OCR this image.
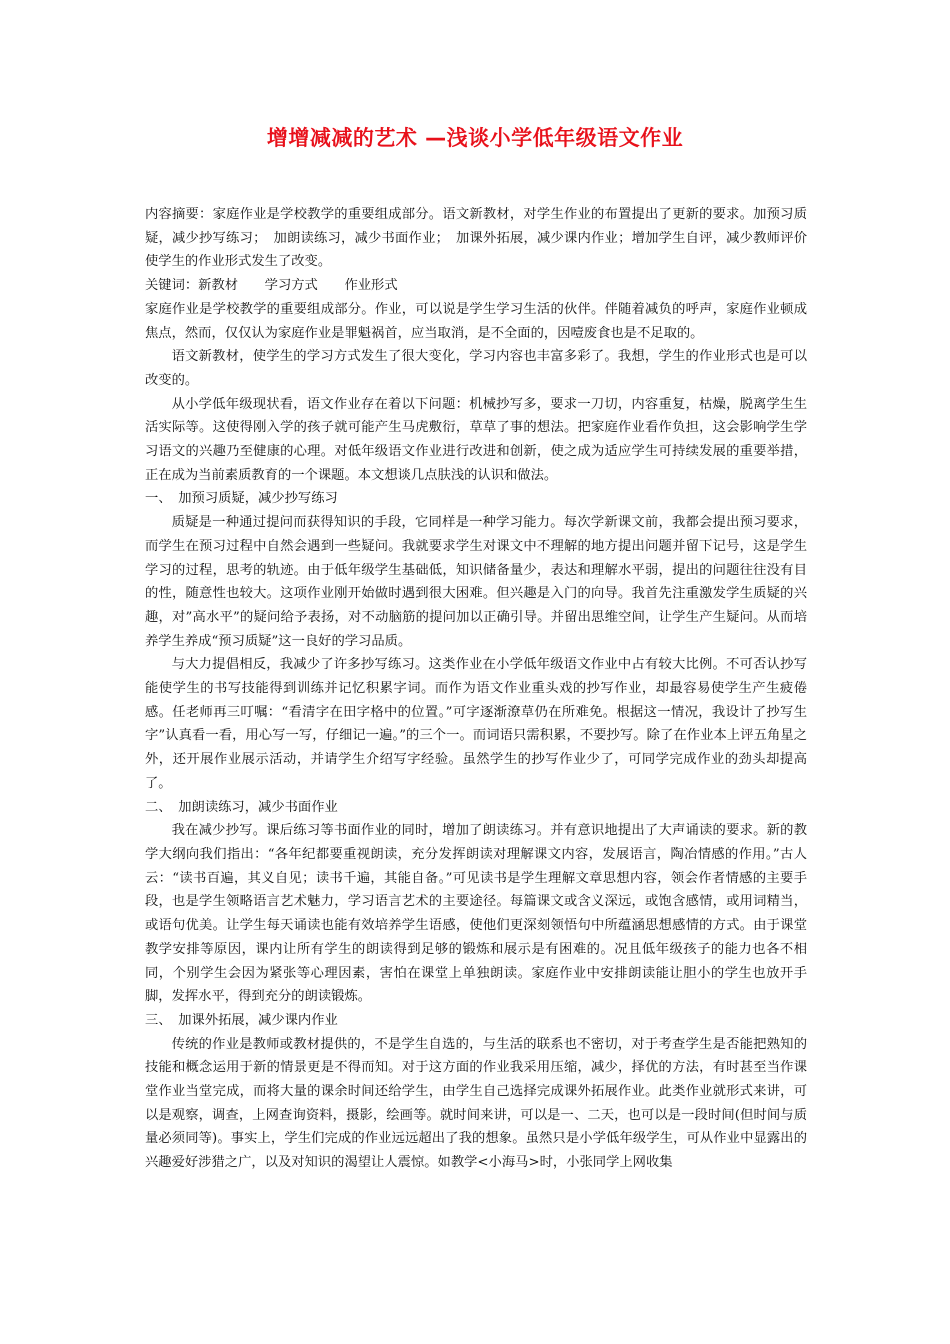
增增减减的艺术 —浅谈小学低年级语文作业

内容摘要：家庭作业是学校教学的重要组成部分。语文新教材，对学生作业的布置提出了更新的要求。加预习质疑，减少抄写练习；　加朗读练习，减少书面作业；　加课外拓展，减少课内作业；增加学生自评，减少教师评价使学生的作业形式发生了改变。

关键词：新教材　　学习方式　　作业形式

家庭作业是学校教学的重要组成部分。作业，可以说是学生学习生活的伙伴。伴随着减负的呼声，家庭作业顿成焦点，然而，仅仅认为家庭作业是罪魁祸首，应当取消，是不全面的，因噎废食也是不足取的。

语文新教材，使学生的学习方式发生了很大变化，学习内容也丰富多彩了。我想，学生的作业形式也是可以改变的。

从小学低年级现状看，语文作业存在着以下问题：机械抄写多，要求一刀切，内容重复，枯燥，脱离学生生活实际等。这使得刚入学的孩子就可能产生马虎敷衍，草草了事的想法。把家庭作业看作负担，这会影响学生学习语文的兴趣乃至健康的心理。对低年级语文作业进行改进和创新，使之成为适应学生可持续发展的重要举措，正在成为当前素质教育的一个课题。本文想谈几点肤浅的认识和做法。

一、　加预习质疑，减少抄写练习

质疑是一种通过提问而获得知识的手段，它同样是一种学习能力。每次学新课文前，我都会提出预习要求，而学生在预习过程中自然会遇到一些疑问。我就要求学生对课文中不理解的地方提出问题并留下记号，这是学生学习的过程，思考的轨迹。由于低年级学生基础低，知识储备量少，表达和理解水平弱，提出的问题往往没有目的性，随意性也较大。这项作业刚开始做时遇到很大困难。但兴趣是入门的向导。我首先注重激发学生质疑的兴趣，对”高水平”的疑问给予表扬，对不动脑筋的提问加以正确引导。并留出思维空间，让学生产生疑问。从而培养学生养成“预习质疑”这一良好的学习品质。

与大力提倡相反，我减少了许多抄写练习。这类作业在小学低年级语文作业中占有较大比例。不可否认抄写能使学生的书写技能得到训练并记忆积累字词。而作为语文作业重头戏的抄写作业，却最容易使学生产生疲倦感。任老师再三叮嘱：“看清字在田字格中的位置。”可字逐渐潦草仍在所难免。根据这一情况，我设计了抄写生字”认真看一看，用心写一写，仔细记一遍。”的三个一。而词语只需积累，不要抄写。除了在作业本上评五角星之外，还开展作业展示活动，并请学生介绍写字经验。虽然学生的抄写作业少了，可同学完成作业的劲头却提高了。

二、　加朗读练习，减少书面作业

我在减少抄写。课后练习等书面作业的同时，增加了朗读练习。并有意识地提出了大声诵读的要求。新的教学大纲向我们指出：“各年纪都要重视朗读，充分发挥朗读对理解课文内容，发展语言，陶冶情感的作用。”古人云：“读书百遍，其义自见；读书千遍，其能自备。”可见读书是学生理解文章思想内容，领会作者情感的主要手段，也是学生领略语言艺术魅力，学习语言艺术的主要途径。每篇课文或含义深远，或饱含感情，或用词精当，或语句优美。让学生每天诵读也能有效培养学生语感，使他们更深刻领悟句中所蕴涵思想感情的方式。由于课堂教学安排等原因，课内让所有学生的朗读得到足够的锻炼和展示是有困难的。况且低年级孩子的能力也各不相同，个别学生会因为紧张等心理因素，害怕在课堂上单独朗读。家庭作业中安排朗读能让胆小的学生也放开手脚，发挥水平，得到充分的朗读锻炼。

三、　加课外拓展，减少课内作业

传统的作业是教师或教材提供的，不是学生自选的，与生活的联系也不密切，对于考查学生是否能把熟知的技能和概念运用于新的情景更是不得而知。对于这方面的作业我采用压缩，减少，择优的方法，有时甚至当作课堂作业当堂完成，而将大量的课余时间还给学生，由学生自己选择完成课外拓展作业。此类作业就形式来讲，可以是观察，调查，上网查询资料，摄影，绘画等。就时间来讲，可以是一、二天，也可以是一段时间(但时间与质量必须同等)。事实上，学生们完成的作业远远超出了我的想象。虽然只是小学低年级学生，可从作业中显露出的兴趣爱好涉猎之广，以及对知识的渴望让人震惊。如教学<小海马>时，小张同学上网收集
